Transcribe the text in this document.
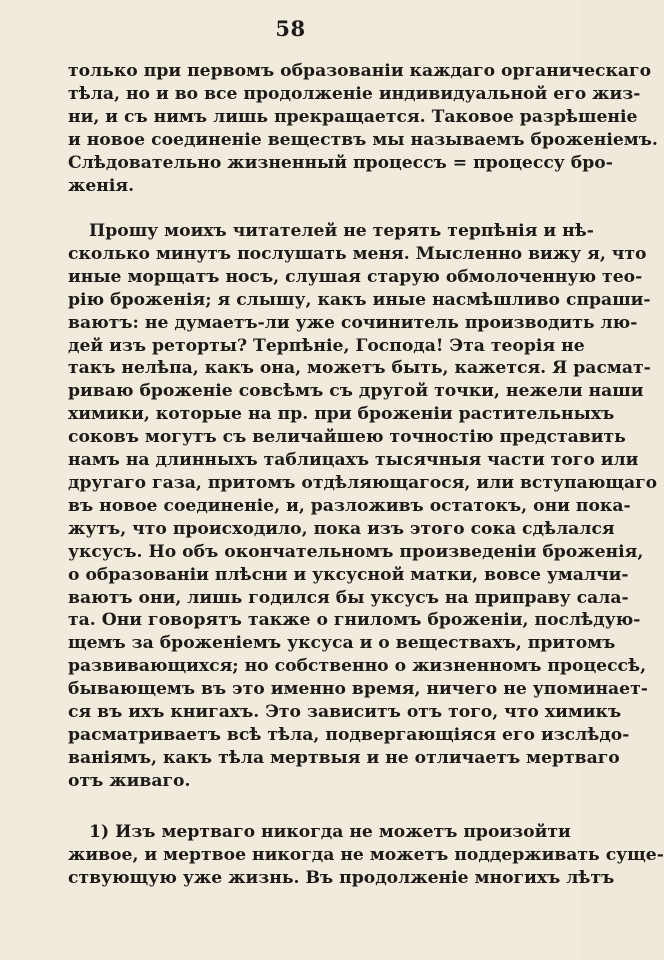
58
только при первомъ образованіи каждаго органическаго
тѣла, но и во все продолженіе индивидуальной его жиз-
ни, и съ нимъ лишь прекращается. Таковое разрѣшеніе
и новое соединеніе веществъ мы называемъ броженіемъ.
Слѣдовательно жизненный процессъ = процессу бро-
женія.
Прошу моихъ читателей не терять терпѣнія и нѣ-
сколько минутъ послушать меня. Мысленно вижу я, что
иные морщатъ носъ, слушая старую обмолоченную тео-
рію броженія; я слышу, какъ иные насмѣшливо спраши-
ваютъ: не думаетъ-ли уже сочинитель производить лю-
дей изъ реторты? Терпѣніе, Господа! Эта теорія не
такъ нелѣпа, какъ она, можетъ быть, кажется. Я расмат-
риваю броженіе совсѣмъ съ другой точки, нежели наши
химики, которые на пр. при броженіи растительныхъ
соковъ могутъ съ величайшею точностію представить
намъ на длинныхъ таблицахъ тысячныя части того или
другаго газа, притомъ отдѣляющагося, или вступающаго
въ новое соединеніе, и, разложивъ остатокъ, они пока-
жутъ, что происходило, пока изъ этого сока сдѣлался
уксусъ. Но объ окончательномъ произведеніи броженія,
о образованіи плѣсни и уксусной матки, вовсе умалчи-
ваютъ они, лишь годился бы уксусъ на приправу сала-
та. Они говорятъ также о гниломъ броженіи, послѣдую-
щемъ за броженіемъ уксуса и о веществахъ, притомъ
развивающихся; но собственно о жизненномъ процессѣ,
бывающемъ въ это именно время, ничего не упоминает-
ся въ ихъ книгахъ. Это зависитъ отъ того, что химикъ
расматриваетъ всѣ тѣла, подвергающіяся его изслѣдо-
ваніямъ, какъ тѣла мертвыя и не отличаетъ мертваго
отъ живаго.
1) Изъ мертваго никогда не можетъ произойти
живое, и мертвое никогда не можетъ поддерживать суще-
ствующую уже жизнь. Въ продолженіе многихъ лѣтъ
